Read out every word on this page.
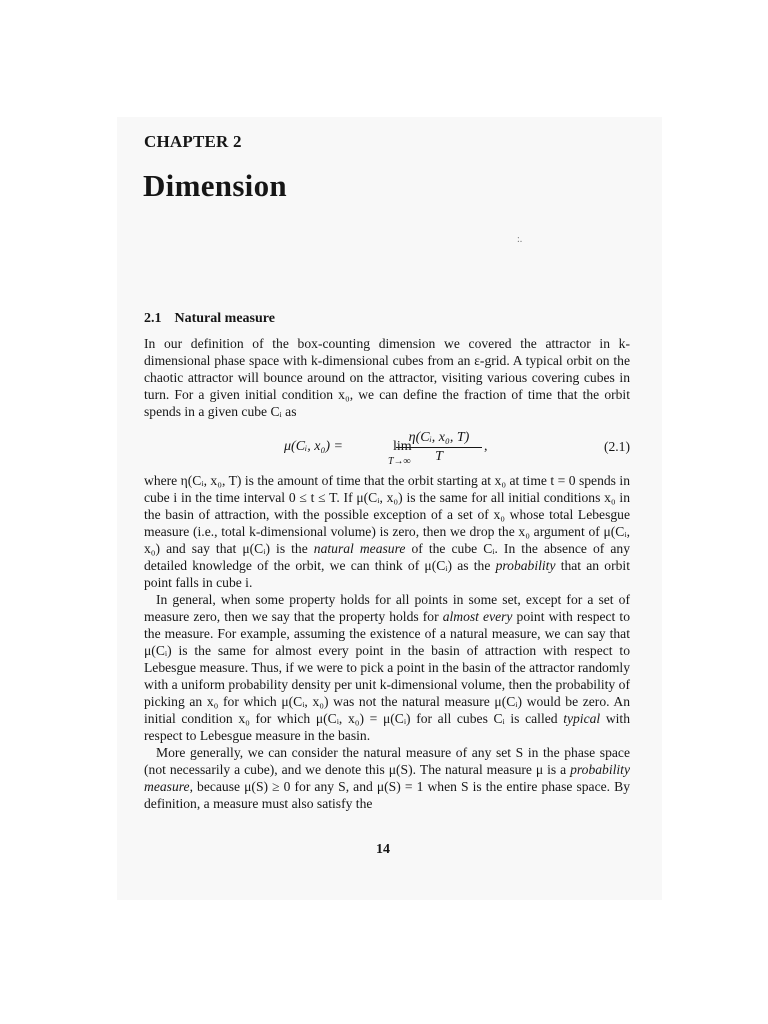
CHAPTER 2
Dimension
:.
2.1 Natural measure

In our definition of the box-counting dimension we covered the attractor in k-dimensional phase space with k-dimensional cubes from an ε-grid. A typical orbit on the chaotic attractor will bounce around on the attractor, visiting various covering cubes in turn. For a given initial condition x₀, we can define the fraction of time that the orbit spends in a given cube Cᵢ as

μ(Cᵢ, x₀) =	lim
T→∞
η(Cᵢ, x₀, T)
T
,	(2.1)

where η(Cᵢ, x₀, T) is the amount of time that the orbit starting at x₀ at time t = 0 spends in cube i in the time interval 0 ≤ t ≤ T. If μ(Cᵢ, x₀) is the same for all initial conditions x₀ in the basin of attraction, with the possible exception of a set of x₀ whose total Lebesgue measure (i.e., total k-dimensional volume) is zero, then we drop the x₀ argument of μ(Cᵢ, x₀) and say that μ(Cᵢ) is the natural measure of the cube Cᵢ. In the absence of any detailed knowledge of the orbit, we can think of μ(Cᵢ) as the probability that an orbit point falls in cube i.

In general, when some property holds for all points in some set, except for a set of measure zero, then we say that the property holds for almost every point with respect to the measure. For example, assuming the existence of a natural measure, we can say that μ(Cᵢ) is the same for almost every point in the basin of attraction with respect to Lebesgue measure. Thus, if we were to pick a point in the basin of the attractor randomly with a uniform probability density per unit k-dimensional volume, then the probability of picking an x₀ for which μ(Cᵢ, x₀) was not the natural measure μ(Cᵢ) would be zero. An initial condition x₀ for which μ(Cᵢ, x₀) = μ(Cᵢ) for all cubes Cᵢ is called typical with respect to Lebesgue measure in the basin.

More generally, we can consider the natural measure of any set S in the phase space (not necessarily a cube), and we denote this μ(S). The natural measure μ is a probability measure, because μ(S) ≥ 0 for any S, and μ(S) = 1 when S is the entire phase space. By definition, a measure must also satisfy the

14
